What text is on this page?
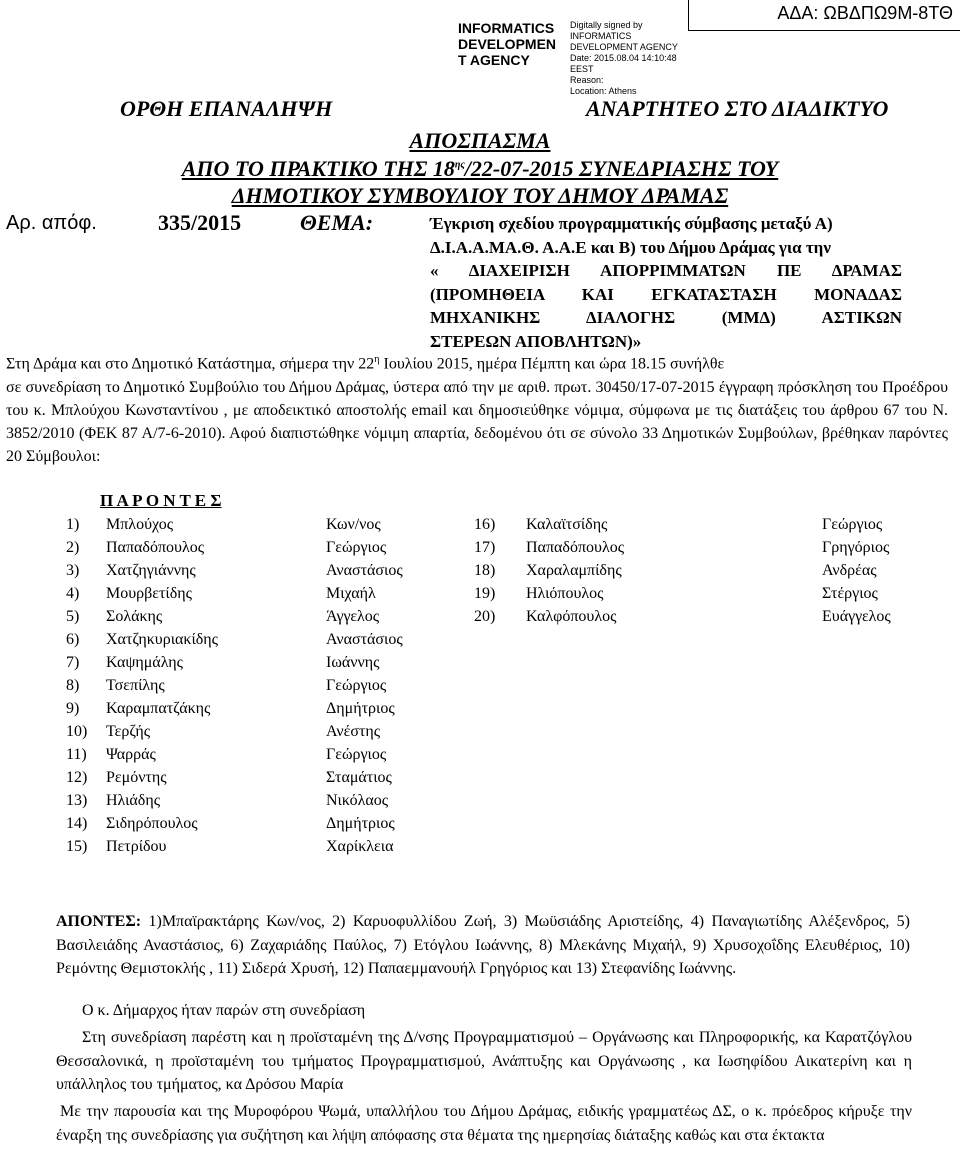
INFORMATICS
DEVELOPMEN
T AGENCY
Digitally signed by
INFORMATICS
DEVELOPMENT AGENCY
Date: 2015.08.04 14:10:48
EEST
Reason:
Location: Athens
ΑΔΑ: ΩΒΔΠΩ9Μ-8ΤΘ
ΟΡΘΗ ΕΠΑΝΑΛΗΨΗ	ΑΝΑΡΤΗΤΕΟ ΣΤΟ ΔΙΑΔΙΚΤΥΟ
ΑΠΟΣΠΑΣΜΑ
ΑΠΟ ΤΟ ΠΡΑΚΤΙΚΟ ΤΗΣ $18^{\eta\varsigma}/22-07-2015$ ΣΥΝΕΔΡΙΑΣΗΣ ΤΟΥ
ΔΗΜΟΤΙΚΟΥ ΣΥΜΒΟΥΛΙΟΥ ΤΟΥ ΔΗΜΟΥ ΔΡΑΜΑΣ
Αρ. απόφ.	335/2015	ΘΕΜΑ:	Έγκριση σχεδίου προγραμματικής σύμβασης μεταξύ Α)
Δ.Ι.Α.Α.ΜΑ.Θ. Α.Α.Ε και Β) του Δήμου Δράμας για την
« ΔΙΑΧΕΙΡΙΣΗ ΑΠΟΡΡΙΜΜΑΤΩΝ ΠΕ ΔΡΑΜΑΣ
(ΠΡΟΜΗΘΕΙΑ ΚΑΙ ΕΓΚΑΤΑΣΤΑΣΗ ΜΟΝΑΔΑΣ
ΜΗΧΑΝΙΚΗΣ ΔΙΑΛΟΓΗΣ (ΜΜΔ) ΑΣΤΙΚΩΝ
ΣΤΕΡΕΩΝ ΑΠΟΒΛΗΤΩΝ)»
Στη Δράμα και στο Δημοτικό Κατάστημα, σήμερα την $22^\eta$ Ιουλίου 2015, ημέρα Πέμπτη και ώρα 18.15 συνήλθε
σε συνεδρίαση το Δημοτικό Συμβούλιο του Δήμου Δράμας, ύστερα από την με αριθ. πρωτ. 30450/17-07-2015 έγγραφη πρόσκληση του Προέδρου του κ. Μπλούχου Κωνσταντίνου , με αποδεικτικό αποστολής email και δημοσιεύθηκε νόμιμα, σύμφωνα με τις διατάξεις του άρθρου 67 του Ν. 3852/2010 (ΦΕΚ 87 Α/7-6-2010). Αφού διαπιστώθηκε νόμιμη απαρτία, δεδομένου ότι σε σύνολο 33 Δημοτικών Συμβούλων, βρέθηκαν παρόντες 20 Σύμβουλοι:
Π Α Ρ Ο Ν Τ Ε Σ
1) Μπλούχος	Κων/νος
2) Παπαδόπουλος	Γεώργιος
3) Χατζηγιάννης	Αναστάσιος
4) Μουρβετίδης	Μιχαήλ
5) Σολάκης	Άγγελος
6) Χατζηκυριακίδης	Αναστάσιος
7) Καψημάλης	Ιωάννης
8) Τσεπίλης	Γεώργιος
9) Καραμπατζάκης	Δημήτριος
10) Τερζής	Ανέστης
11) Ψαρράς	Γεώργιος
12) Ρεμόντης	Σταμάτιος
13) Ηλιάδης	Νικόλαος
14) Σιδηρόπουλος	Δημήτριος
15) Πετρίδου	Χαρίκλεια
16) Καλαϊτσίδης	Γεώργιος
17) Παπαδόπουλος	Γρηγόριος
18) Χαραλαμπίδης	Ανδρέας
19) Ηλιόπουλος	Στέργιος
20) Καλφόπουλος	Ευάγγελος
ΑΠΟΝΤΕΣ: 1)Μπαϊρακτάρης Κων/νος, 2) Καρυοφυλλίδου Ζωή, 3) Μωϋσιάδης Αριστείδης, 4) Παναγιωτίδης Αλέξενδρος, 5) Βασιλειάδης Αναστάσιος, 6) Ζαχαριάδης Παύλος, 7) Ετόγλου Ιωάννης, 8) Μλεκάνης Μιχαήλ, 9) Χρυσοχοΐδης Ελευθέριος, 10) Ρεμόντης Θεμιστοκλής , 11) Σιδερά Χρυσή, 12) Παπαεμμανουήλ Γρηγόριος και 13) Στεφανίδης Ιωάννης.
Ο κ. Δήμαρχος ήταν παρών στη συνεδρίαση
Στη συνεδρίαση παρέστη και η προϊσταμένη της Δ/νσης Προγραμματισμού – Οργάνωσης και Πληροφορικής, κα Καρατζόγλου Θεσσαλονικά, η προϊσταμένη του τμήματος Προγραμματισμού, Ανάπτυξης και Οργάνωσης , κα Ιωσηφίδου Αικατερίνη και η υπάλληλος του τμήματος, κα Δρόσου Μαρία
Με την παρουσία και της Μυροφόρου Ψωμά, υπαλλήλου του Δήμου Δράμας, ειδικής γραμματέως ΔΣ, ο κ. πρόεδρος κήρυξε την έναρξη της συνεδρίασης για συζήτηση και λήψη απόφασης στα θέματα της ημερησίας διάταξης καθώς και στα έκτακτα
